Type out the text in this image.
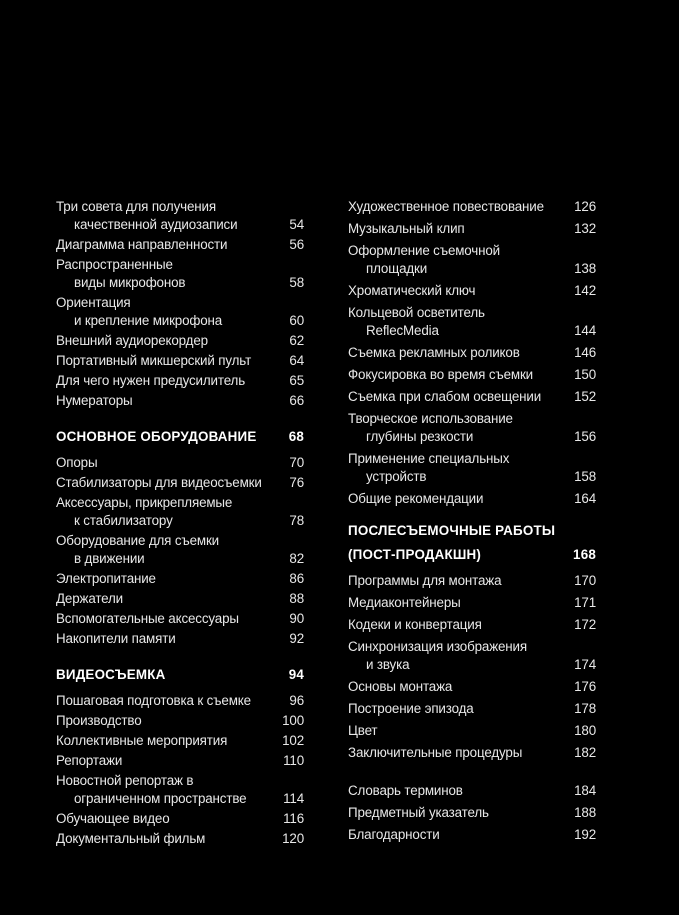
Три совета для получения
качественной аудиозаписи	54
Диаграмма направленности	56
Распространенные
виды микрофонов	58
Ориентация
и крепление микрофона	60
Внешний аудиорекордер	62
Портативный микшерский пульт	64
Для чего нужен предусилитель	65
Нумераторы	66
ОСНОВНОЕ ОБОРУДОВАНИЕ	68
Опоры	70
Стабилизаторы для видеосъемки	76
Аксессуары, прикрепляемые
к стабилизатору	78
Оборудование для съемки
в движении	82
Электропитание	86
Держатели	88
Вспомогательные аксессуары	90
Накопители памяти	92
ВИДЕОСЪЕМКА	94
Пошаговая подготовка к съемке	96
Производство	100
Коллективные мероприятия	102
Репортажи	110
Новостной репортаж в
ограниченном пространстве	114
Обучающее видео	116
Документальный фильм	120
Художественное повествование	126
Музыкальный клип	132
Оформление съемочной
площадки	138
Хроматический ключ	142
Кольцевой осветитель
ReflecMedia	144
Съемка рекламных роликов	146
Фокусировка во время съемки	150
Съемка при слабом освещении	152
Творческое использование
глубины резкости	156
Применение специальных
устройств	158
Общие рекомендации	164
ПОСЛЕСЪЕМОЧНЫЕ РАБОТЫ
(ПОСТ-ПРОДАКШН)	168
Программы для монтажа	170
Медиаконтейнеры	171
Кодеки и конвертация	172
Синхронизация изображения
и звука	174
Основы монтажа	176
Построение эпизода	178
Цвет	180
Заключительные процедуры	182
Словарь терминов	184
Предметный указатель	188
Благодарности	192
